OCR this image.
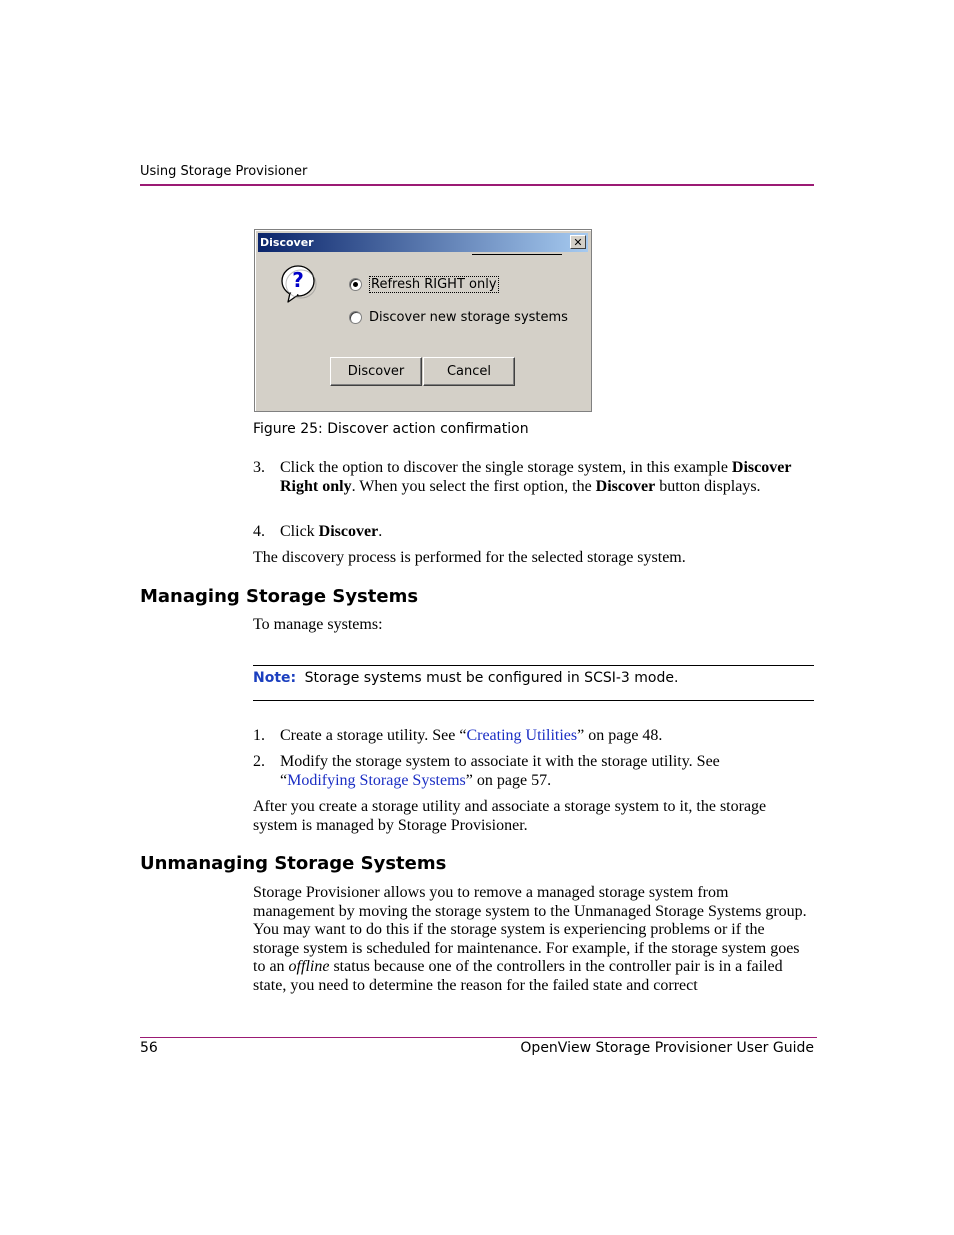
Using Storage Provisioner
Discover	✕
?	Refresh RIGHT only
Discover new storage systems
Discover	Cancel
Figure 25: Discover action confirmation
3. Click the option to discover the single storage system, in this example Discover Right only. When you select the first option, the Discover button displays.
4. Click Discover.
The discovery process is performed for the selected storage system.
Managing Storage Systems
To manage systems:
Note: Storage systems must be configured in SCSI-3 mode.
1. Create a storage utility. See “Creating Utilities” on page 48.
2. Modify the storage system to associate it with the storage utility. See “Modifying Storage Systems” on page 57.
After you create a storage utility and associate a storage system to it, the storage system is managed by Storage Provisioner.
Unmanaging Storage Systems
Storage Provisioner allows you to remove a managed storage system from management by moving the storage system to the Unmanaged Storage Systems group. You may want to do this if the storage system is experiencing problems or if the storage system is scheduled for maintenance. For example, if the storage system goes to an offline status because one of the controllers in the controller pair is in a failed state, you need to determine the reason for the failed state and correct
56	OpenView Storage Provisioner User Guide
